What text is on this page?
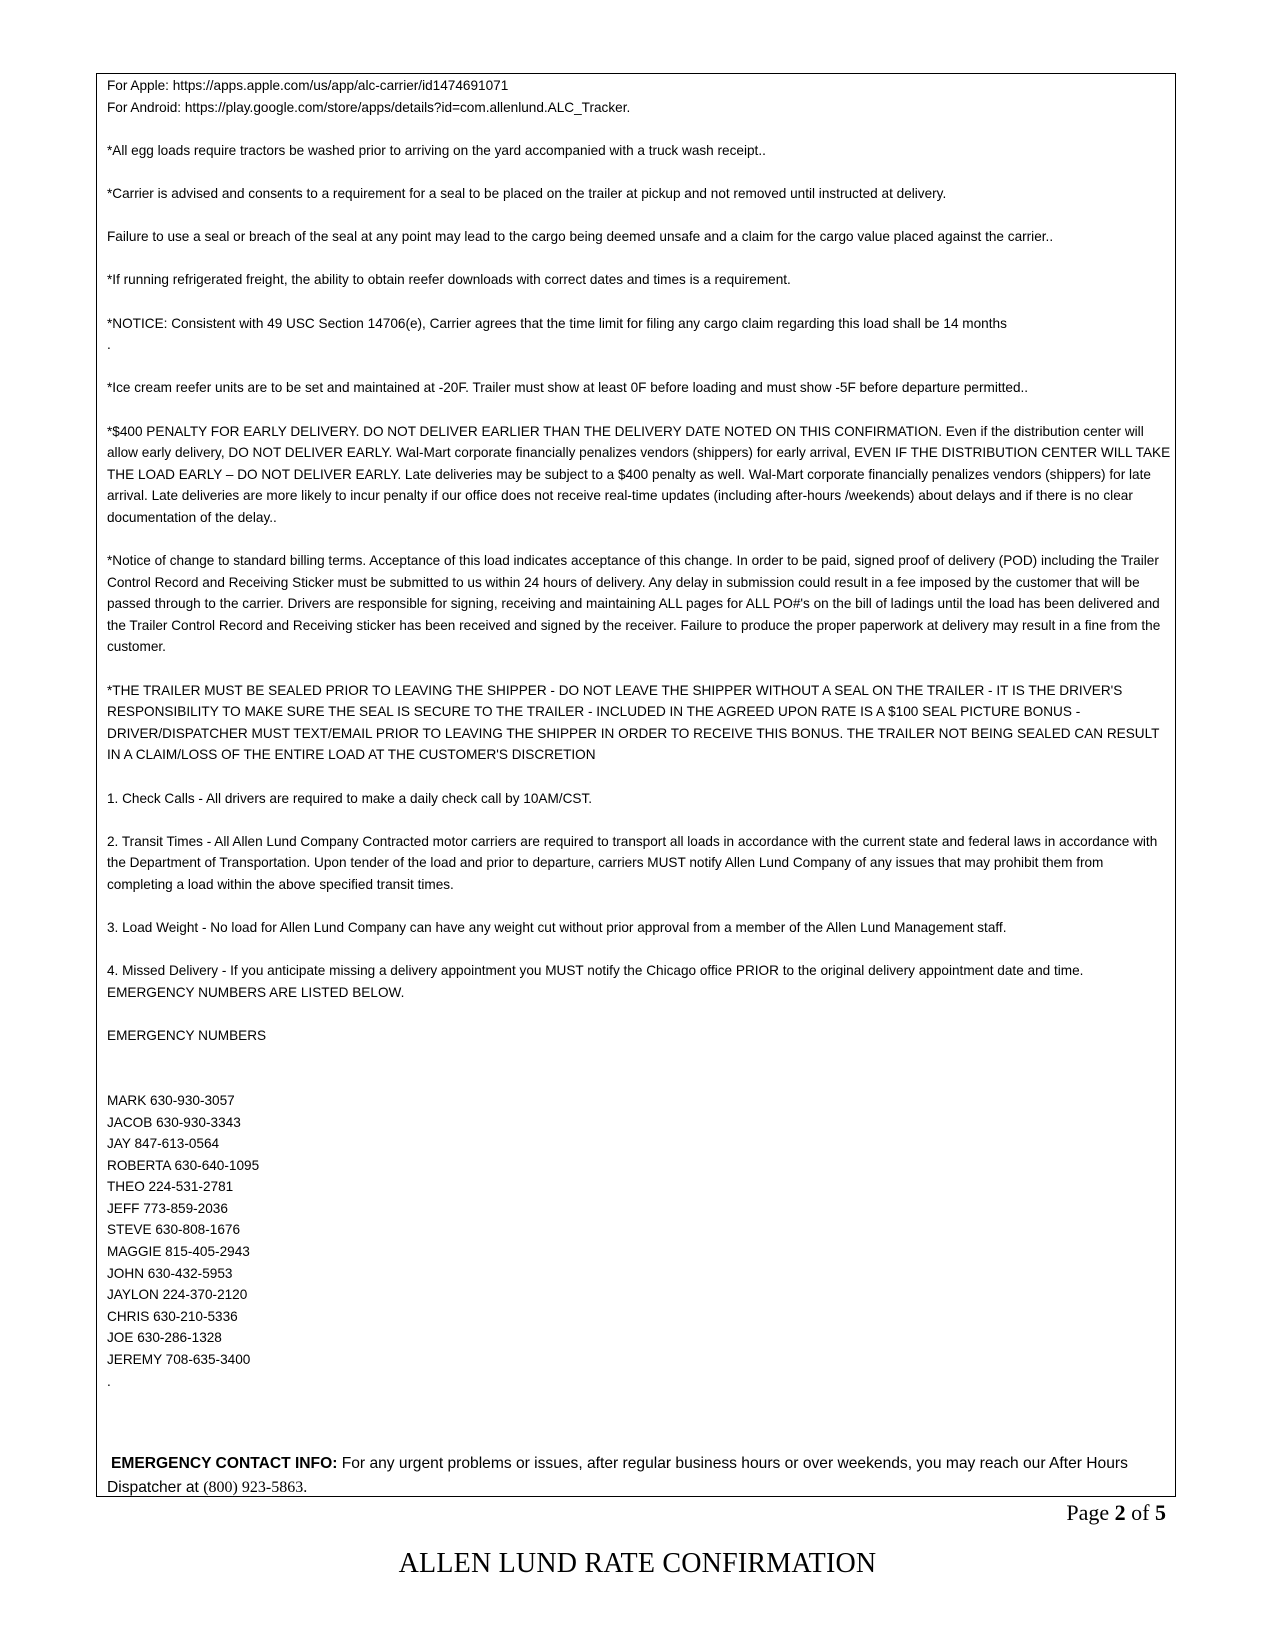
For Apple: https://apps.apple.com/us/app/alc-carrier/id1474691071

For Android: https://play.google.com/store/apps/details?id=com.allenlund.ALC_Tracker.

*All egg loads require tractors be washed prior to arriving on the yard accompanied with a truck wash receipt..

*Carrier is advised and consents to a requirement for a seal to be placed on the trailer at pickup and not removed until instructed at delivery.

Failure to use a seal or breach of the seal at any point may lead to the cargo being deemed unsafe and a claim for the cargo value placed against the carrier..

*If running refrigerated freight, the ability to obtain reefer downloads with correct dates and times is a requirement.

*NOTICE: Consistent with 49 USC Section 14706(e), Carrier agrees that the time limit for filing any cargo claim regarding this load shall be 14 months

.

*Ice cream reefer units are to be set and maintained at -20F. Trailer must show at least 0F before loading and must show -5F before departure permitted..

*$400 PENALTY FOR EARLY DELIVERY. DO NOT DELIVER EARLIER THAN THE DELIVERY DATE NOTED ON THIS CONFIRMATION. Even if the distribution center will allow early delivery, DO NOT DELIVER EARLY. Wal-Mart corporate financially penalizes vendors (shippers) for early arrival, EVEN IF THE DISTRIBUTION CENTER WILL TAKE THE LOAD EARLY – DO NOT DELIVER EARLY. Late deliveries may be subject to a $400 penalty as well. Wal-Mart corporate financially penalizes vendors (shippers) for late arrival. Late deliveries are more likely to incur penalty if our office does not receive real-time updates (including after-hours /weekends) about delays and if there is no clear documentation of the delay..

*Notice of change to standard billing terms. Acceptance of this load indicates acceptance of this change. In order to be paid, signed proof of delivery (POD) including the Trailer Control Record and Receiving Sticker must be submitted to us within 24 hours of delivery. Any delay in submission could result in a fee imposed by the customer that will be passed through to the carrier. Drivers are responsible for signing, receiving and maintaining ALL pages for ALL PO#'s on the bill of ladings until the load has been delivered and the Trailer Control Record and Receiving sticker has been received and signed by the receiver. Failure to produce the proper paperwork at delivery may result in a fine from the customer.

*THE TRAILER MUST BE SEALED PRIOR TO LEAVING THE SHIPPER - DO NOT LEAVE THE SHIPPER WITHOUT A SEAL ON THE TRAILER - IT IS THE DRIVER'S RESPONSIBILITY TO MAKE SURE THE SEAL IS SECURE TO THE TRAILER - INCLUDED IN THE AGREED UPON RATE IS A $100 SEAL PICTURE BONUS - DRIVER/DISPATCHER MUST TEXT/EMAIL PRIOR TO LEAVING THE SHIPPER IN ORDER TO RECEIVE THIS BONUS. THE TRAILER NOT BEING SEALED CAN RESULT IN A CLAIM/LOSS OF THE ENTIRE LOAD AT THE CUSTOMER'S DISCRETION

1. Check Calls - All drivers are required to make a daily check call by 10AM/CST.

2. Transit Times - All Allen Lund Company Contracted motor carriers are required to transport all loads in accordance with the current state and federal laws in accordance with the Department of Transportation. Upon tender of the load and prior to departure, carriers MUST notify Allen Lund Company of any issues that may prohibit them from completing a load within the above specified transit times.

3. Load Weight - No load for Allen Lund Company can have any weight cut without prior approval from a member of the Allen Lund Management staff.

4. Missed Delivery - If you anticipate missing a delivery appointment you MUST notify the Chicago office PRIOR to the original delivery appointment date and time. EMERGENCY NUMBERS ARE LISTED BELOW.

EMERGENCY NUMBERS

MARK 630-930-3057
JACOB 630-930-3343
JAY 847-613-0564
ROBERTA 630-640-1095
THEO 224-531-2781
JEFF 773-859-2036
STEVE 630-808-1676
MAGGIE 815-405-2943
JOHN 630-432-5953
JAYLON 224-370-2120
CHRIS 630-210-5336
JOE 630-286-1328
JEREMY 708-635-3400
.
EMERGENCY CONTACT INFO: For any urgent problems or issues, after regular business hours or over weekends, you may reach our After Hours Dispatcher at (800) 923-5863.
Page 2 of 5
ALLEN LUND RATE CONFIRMATION
